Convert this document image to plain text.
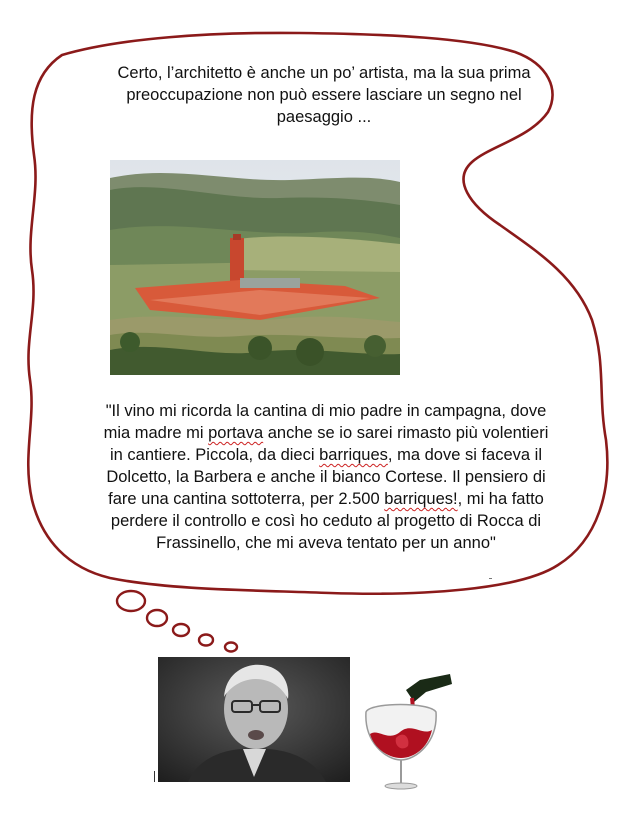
Certo, l’architetto è anche un po’ artista, ma la sua prima preoccupazione non può essere lasciare un segno nel paesaggio ...

"Il vino mi ricorda la cantina di mio padre in campagna, dove mia madre mi portava anche se io sarei rimasto più volentieri in cantiere. Piccola, da dieci barriques, ma dove si faceva il Dolcetto, la Barbera e anche il bianco Cortese. Il pensiero di fare una cantina sottoterra, per 2.500 barriques!, mi ha fatto perdere il controllo e così ho ceduto al progetto di Rocca di Frassinello, che mi aveva tentato per un anno"
